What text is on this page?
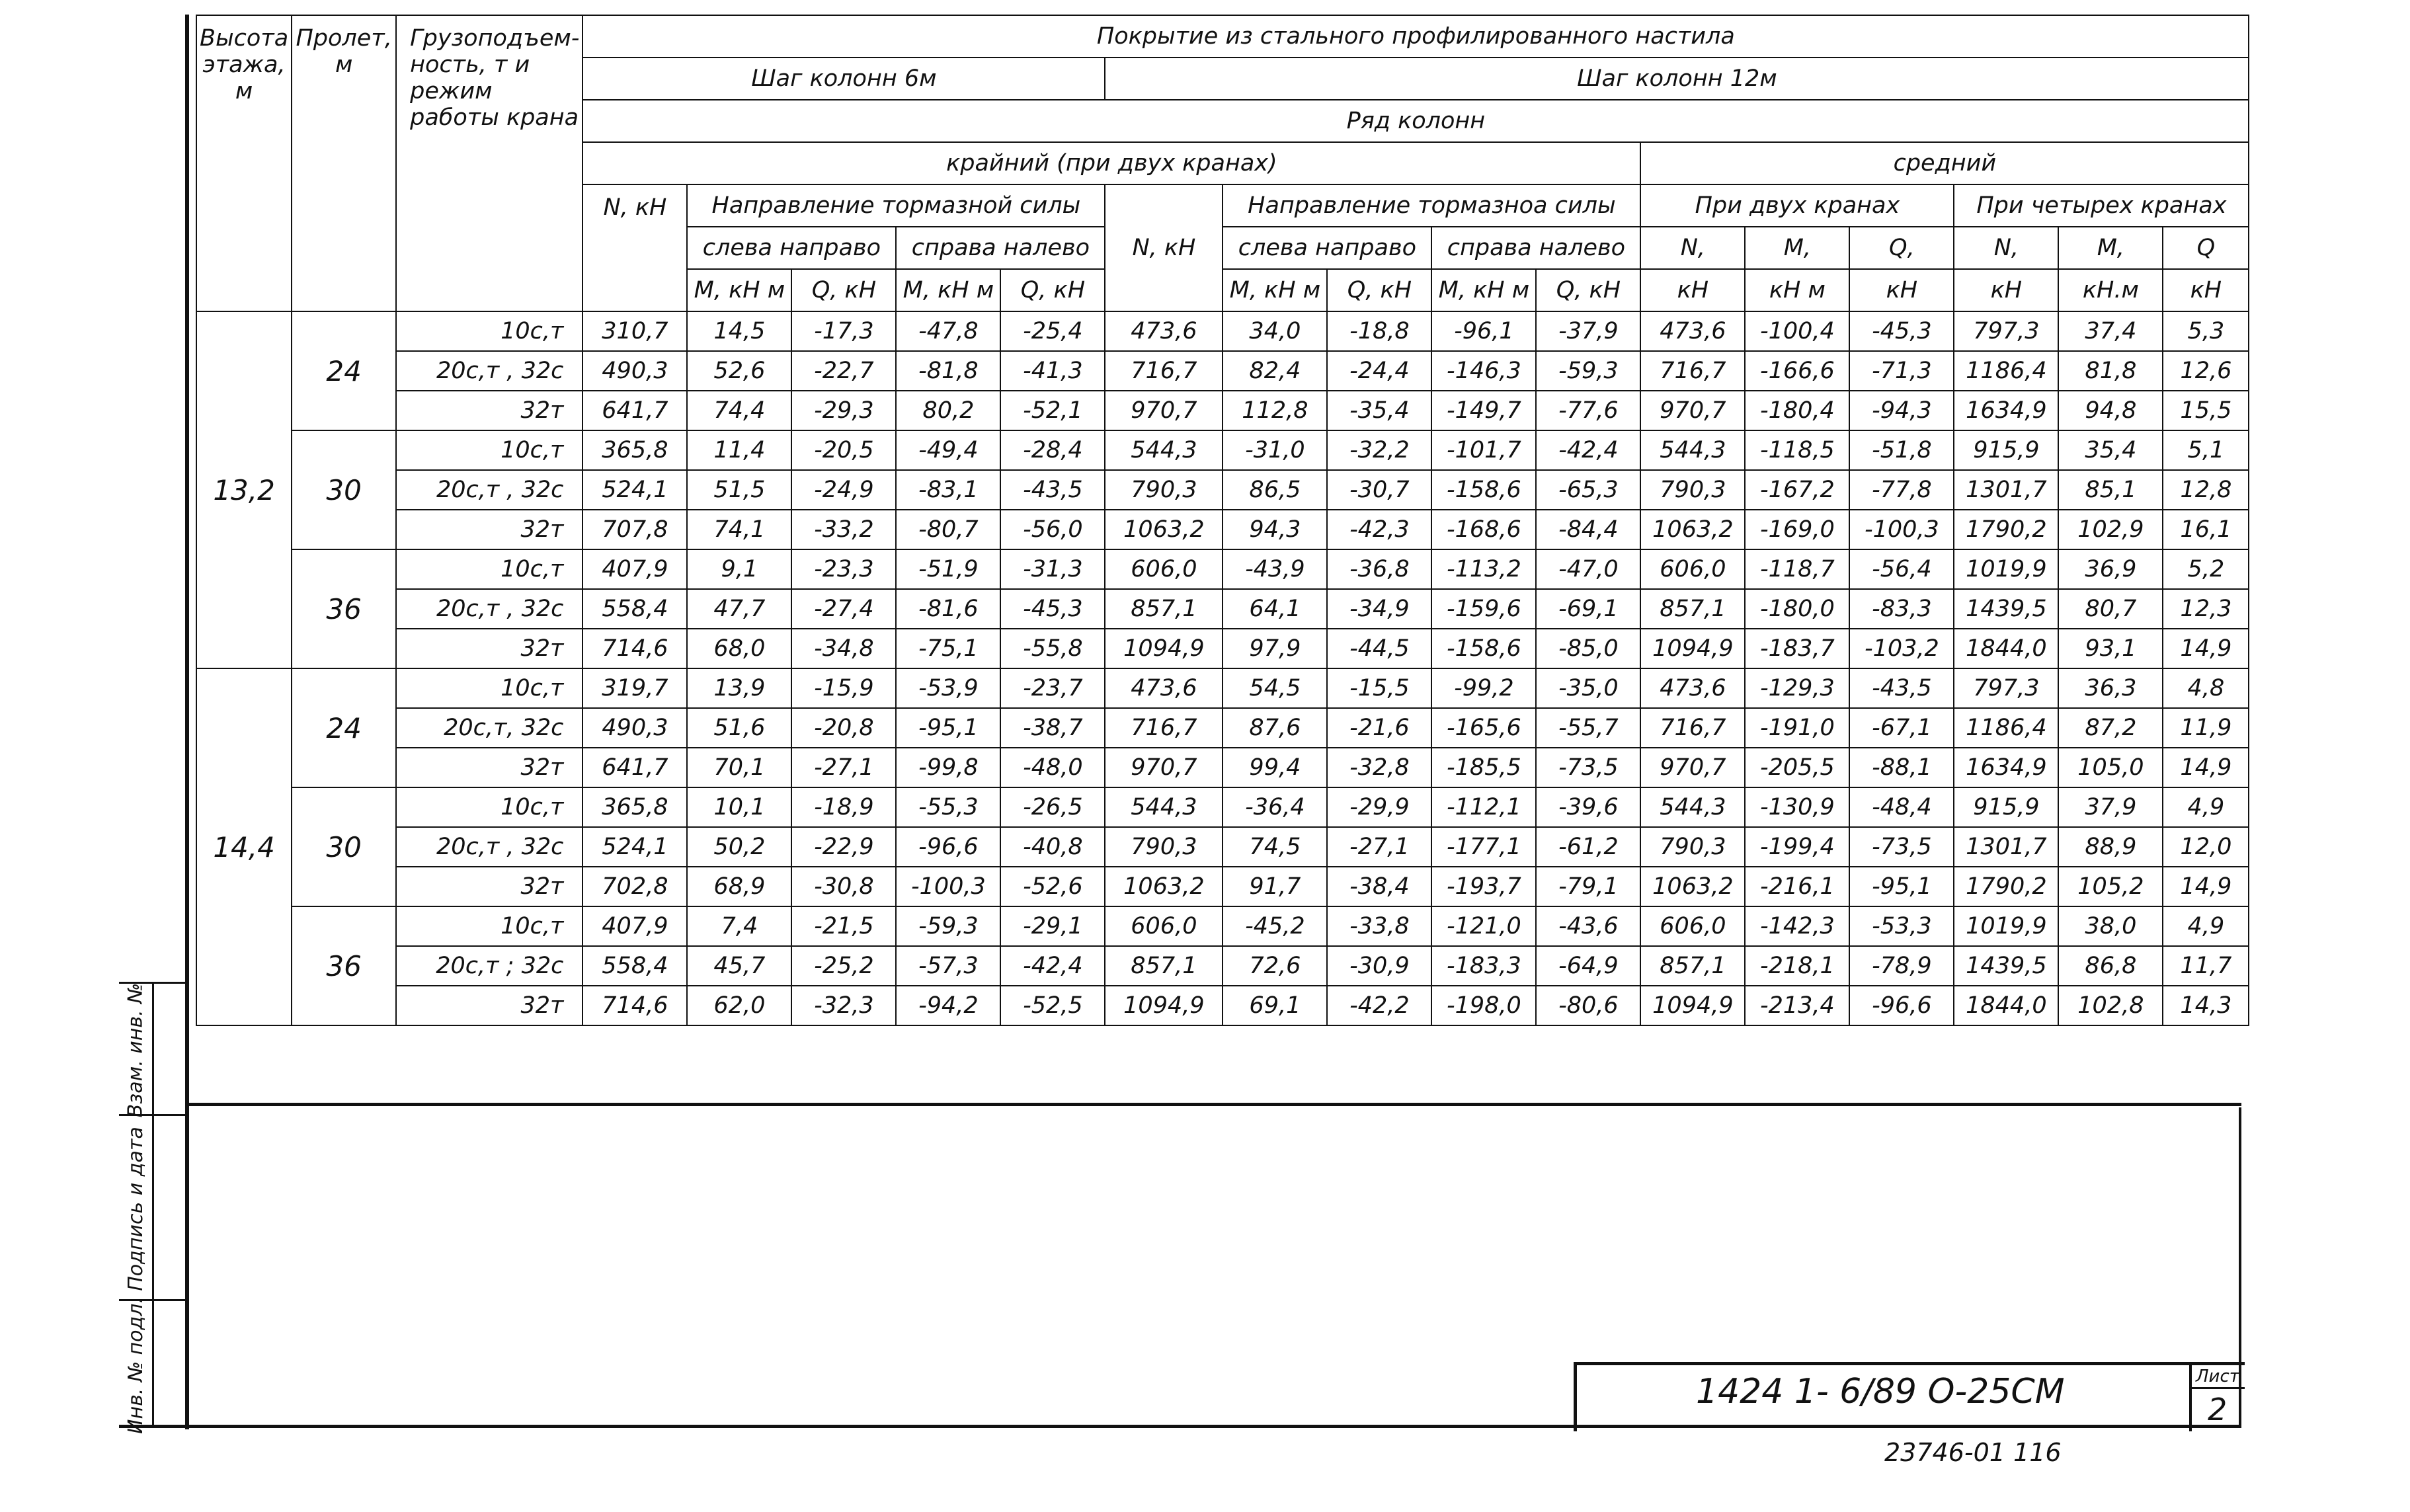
Высота этажа, м	Пролет, м	Грузоподъем-ность, т и режим работы крана	Покрытие из стального профилированного настила															
			Шаг колонн 6м					Шаг колонн 12м										
			Ряд колонн															
			крайний (при двух кранах)										средний					
			N, кН	Направление тормазной силы				N, кН	Направление тормазноа силы				При двух кранах			При четырех кранах		
				слева направо		справа налево			слева направо		справа налево		N,	M,	Q,	N,	M,	Q
				M, кН м	Q, кН	M, кН м	Q, кН		M, кН м	Q, кН	M, кН м	Q, кН	кН	кН м	кН	кН	кН.м	кН
13,2	24	10с,т	310,7	14,5	-17,3	-47,8	-25,4	473,6	34,0	-18,8	-96,1	-37,9	473,6	-100,4	-45,3	797,3	37,4	5,3
		20с,т , 32с	490,3	52,6	-22,7	-81,8	-41,3	716,7	82,4	-24,4	-146,3	-59,3	716,7	-166,6	-71,3	1186,4	81,8	12,6
		32т	641,7	74,4	-29,3	80,2	-52,1	970,7	112,8	-35,4	-149,7	-77,6	970,7	-180,4	-94,3	1634,9	94,8	15,5
	30	10с,т	365,8	11,4	-20,5	-49,4	-28,4	544,3	-31,0	-32,2	-101,7	-42,4	544,3	-118,5	-51,8	915,9	35,4	5,1
		20с,т , 32с	524,1	51,5	-24,9	-83,1	-43,5	790,3	86,5	-30,7	-158,6	-65,3	790,3	-167,2	-77,8	1301,7	85,1	12,8
		32т	707,8	74,1	-33,2	-80,7	-56,0	1063,2	94,3	-42,3	-168,6	-84,4	1063,2	-169,0	-100,3	1790,2	102,9	16,1
	36	10с,т	407,9	9,1	-23,3	-51,9	-31,3	606,0	-43,9	-36,8	-113,2	-47,0	606,0	-118,7	-56,4	1019,9	36,9	5,2
		20с,т , 32с	558,4	47,7	-27,4	-81,6	-45,3	857,1	64,1	-34,9	-159,6	-69,1	857,1	-180,0	-83,3	1439,5	80,7	12,3
		32т	714,6	68,0	-34,8	-75,1	-55,8	1094,9	97,9	-44,5	-158,6	-85,0	1094,9	-183,7	-103,2	1844,0	93,1	14,9
14,4	24	10с,т	319,7	13,9	-15,9	-53,9	-23,7	473,6	54,5	-15,5	-99,2	-35,0	473,6	-129,3	-43,5	797,3	36,3	4,8
		20с,т, 32с	490,3	51,6	-20,8	-95,1	-38,7	716,7	87,6	-21,6	-165,6	-55,7	716,7	-191,0	-67,1	1186,4	87,2	11,9
		32т	641,7	70,1	-27,1	-99,8	-48,0	970,7	99,4	-32,8	-185,5	-73,5	970,7	-205,5	-88,1	1634,9	105,0	14,9
	30	10с,т	365,8	10,1	-18,9	-55,3	-26,5	544,3	-36,4	-29,9	-112,1	-39,6	544,3	-130,9	-48,4	915,9	37,9	4,9
		20с,т , 32с	524,1	50,2	-22,9	-96,6	-40,8	790,3	74,5	-27,1	-177,1	-61,2	790,3	-199,4	-73,5	1301,7	88,9	12,0
		32т	702,8	68,9	-30,8	-100,3	-52,6	1063,2	91,7	-38,4	-193,7	-79,1	1063,2	-216,1	-95,1	1790,2	105,2	14,9
	36	10с,т	407,9	7,4	-21,5	-59,3	-29,1	606,0	-45,2	-33,8	-121,0	-43,6	606,0	-142,3	-53,3	1019,9	38,0	4,9
		20с,т ; 32с	558,4	45,7	-25,2	-57,3	-42,4	857,1	72,6	-30,9	-183,3	-64,9	857,1	-218,1	-78,9	1439,5	86,8	11,7
		32т	714,6	62,0	-32,3	-94,2	-52,5	1094,9	69,1	-42,2	-198,0	-80,6	1094,9	-213,4	-96,6	1844,0	102,8	14,3
Взам. инв. №
Подпись и дата
Инв. № подл.	1424 1- 6/89 О-25СМ	Лист
2
23746-01 116
